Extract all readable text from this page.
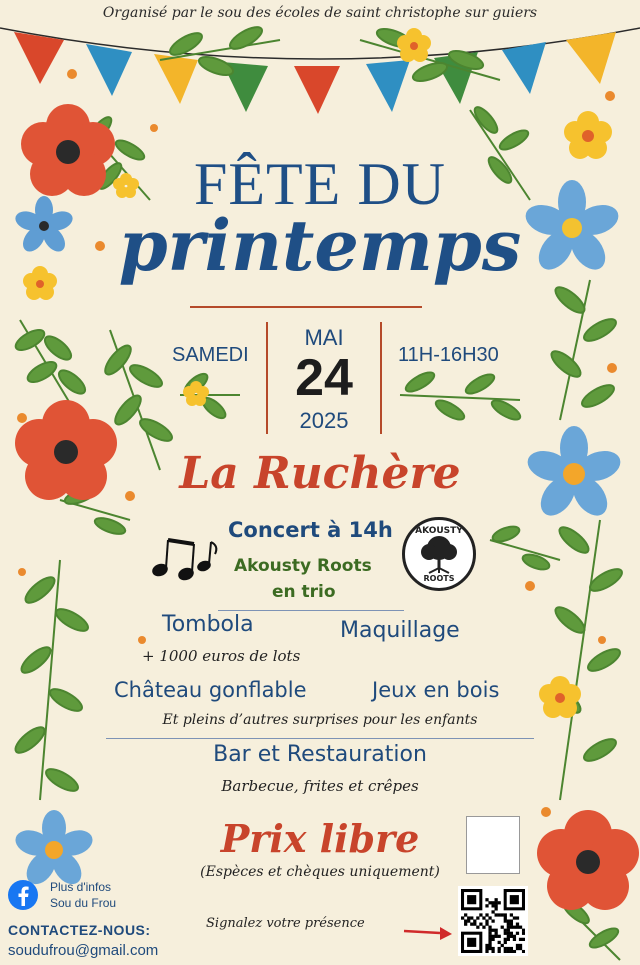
Organisé par le sou des écoles de saint christophe sur guiers
FÊTE DU
printemps
SAMEDI
MAI
24
2025
11H-16H30
La Ruchère
Concert à 14h
Akousty Roots
en trio
AKOUSTY
ROOTS
Tombola	Maquillage
+ 1000 euros de lots
Château gonflable	Jeux en bois
Et pleins d’autres surprises pour les enfants
Bar et Restauration
Barbecue, frites et crêpes
Prix libre
(Espèces et chèques uniquement)
Plus d'infos
Sou du Frou
CONTACTEZ-NOUS:
soudufrou@gmail.com
Signalez votre présence
